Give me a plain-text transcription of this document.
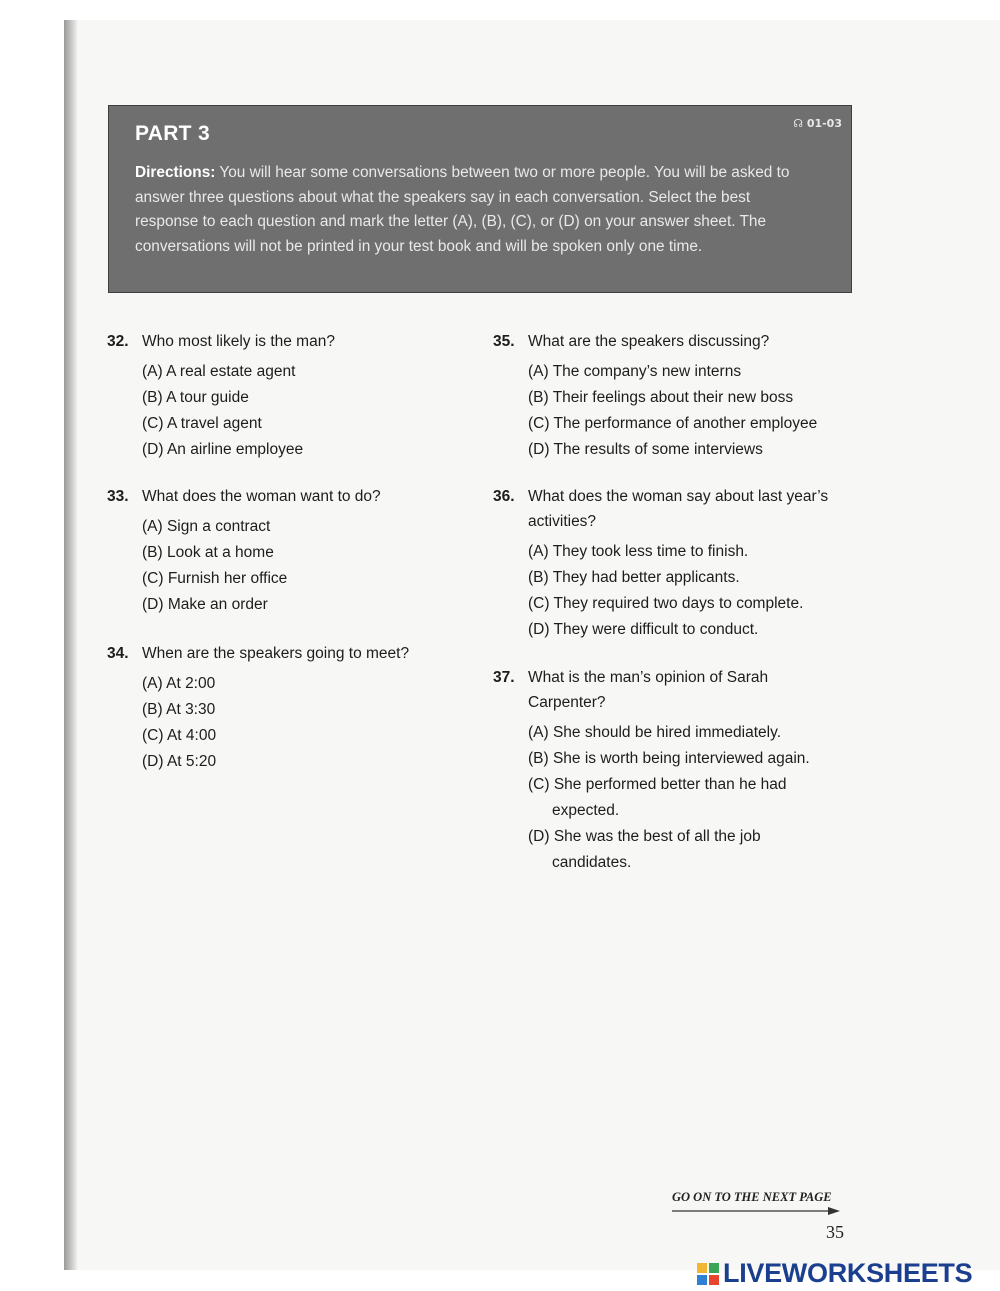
PART 3	☊ 01-03
Directions: You will hear some conversations between two or more people. You will be asked to answer three questions about what the speakers say in each conversation. Select the best response to each question and mark the letter (A), (B), (C), or (D) on your answer sheet. The conversations will not be printed in your test book and will be spoken only one time.
32. Who most likely is the man?
(A) A real estate agent
(B) A tour guide
(C) A travel agent
(D) An airline employee
33. What does the woman want to do?
(A) Sign a contract
(B) Look at a home
(C) Furnish her office
(D) Make an order
34. When are the speakers going to meet?
(A) At 2:00
(B) At 3:30
(C) At 4:00
(D) At 5:20
35. What are the speakers discussing?
(A) The company’s new interns
(B) Their feelings about their new boss
(C) The performance of another employee
(D) The results of some interviews
36. What does the woman say about last year’s activities?
(A) They took less time to finish.
(B) They had better applicants.
(C) They required two days to complete.
(D) They were difficult to conduct.
37. What is the man’s opinion of Sarah Carpenter?
(A) She should be hired immediately.
(B) She is worth being interviewed again.
(C) She performed better than he had expected.
(D) She was the best of all the job candidates.
GO ON TO THE NEXT PAGE
35
LIVEWORKSHEETS
